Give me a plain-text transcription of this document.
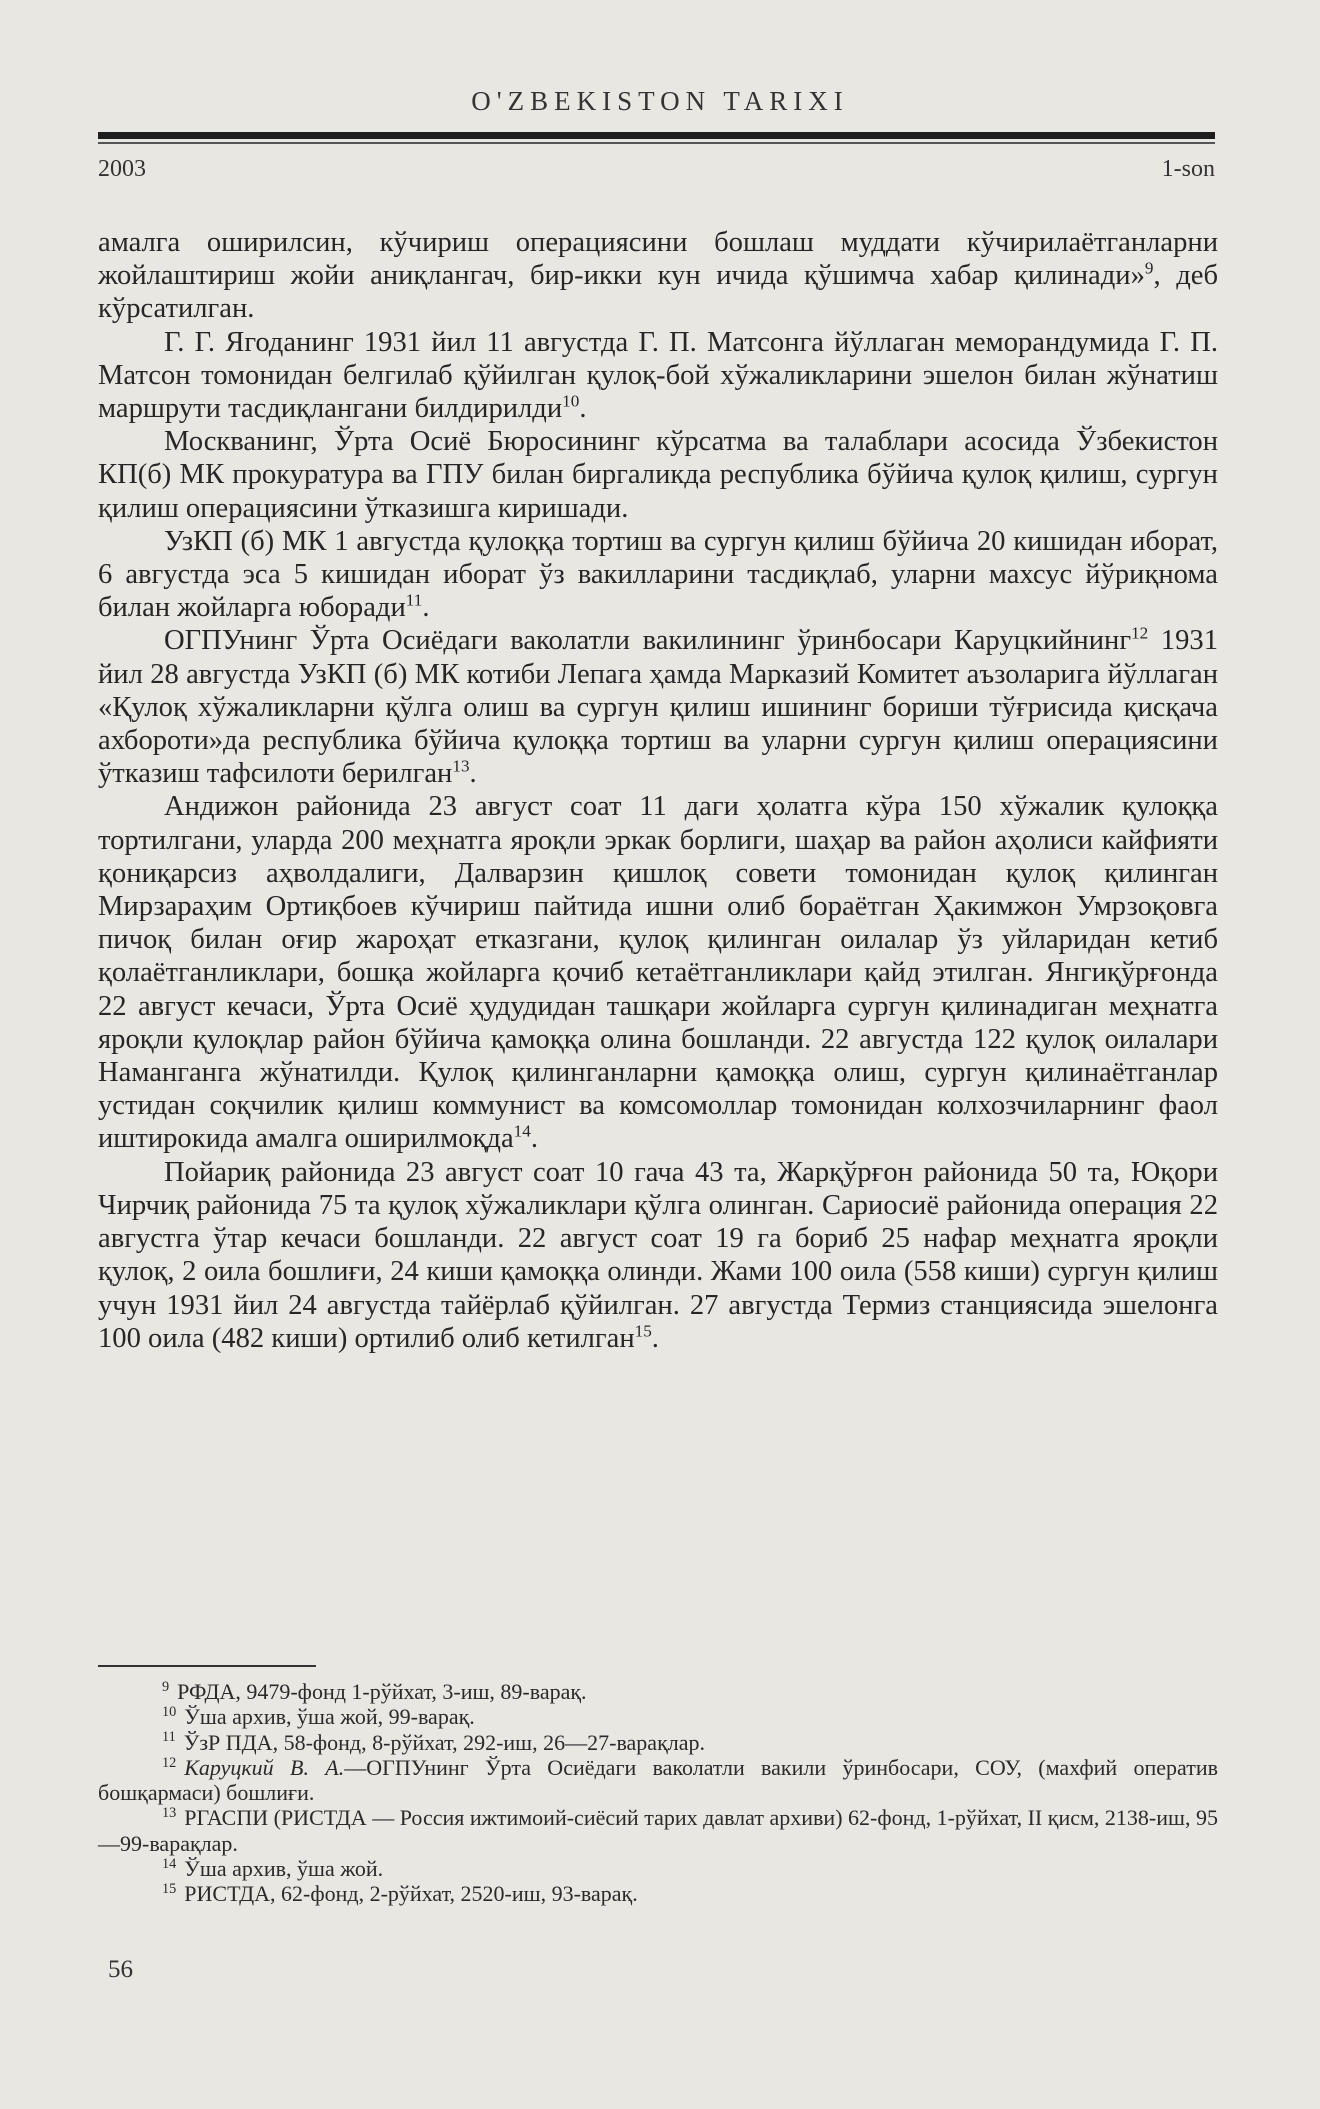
O'ZBEKISTON TARIXI
2003	1-son

амалга оширилсин, кўчириш операциясини бошлаш муддати кўчирилаётганларни жойлаштириш жойи аниқлангач, бир-икки кун ичида қўшимча хабар қилинади»$^9$, деб кўрсатилган.

Г. Г. Ягоданинг 1931 йил 11 августда Г. П. Матсонга йўллаган меморандумида Г. П. Матсон томонидан белгилаб қўйилган қулоқ-бой хўжаликларини эшелон билан жўнатиш маршрути тасдиқлангани билдирилди$^{10}$.

Москванинг, Ўрта Осиё Бюросининг кўрсатма ва талаблари асосида Ўзбекистон КП(б) МК прокуратура ва ГПУ билан биргаликда республика бўйича қулоқ қилиш, сургун қилиш операциясини ўтказишга киришади.

УзКП (б) МК 1 августда қулоққа тортиш ва сургун қилиш бўйича 20 кишидан иборат, 6 августда эса 5 кишидан иборат ўз вакилларини тасдиқлаб, уларни махсус йўриқнома билан жойларга юборади$^{11}$.

ОГПУнинг Ўрта Осиёдаги ваколатли вакилининг ўринбосари Каруцкийнинг$^{12}$ 1931 йил 28 августда УзКП (б) МК котиби Лепага ҳамда Марказий Комитет аъзоларига йўллаган «Қулоқ хўжаликларни қўлга олиш ва сургун қилиш ишининг бориши тўғрисида қисқача ахбороти»да республика бўйича қулоққа тортиш ва уларни сургун қилиш операциясини ўтказиш тафсилоти берилган$^{13}$.

Андижон районида 23 август соат 11 даги ҳолатга кўра 150 хўжалик қулоққа тортилгани, уларда 200 меҳнатга яроқли эркак борлиги, шаҳар ва район аҳолиси кайфияти қониқарсиз аҳволдалиги, Далварзин қишлоқ совети томонидан қулоқ қилинган Мирзараҳим Ортиқбоев кўчириш пайтида ишни олиб бораётган Ҳакимжон Умрзоқовга пичоқ билан оғир жароҳат етказгани, қулоқ қилинган оилалар ўз уйларидан кетиб қолаётганликлари, бошқа жойларга қочиб кетаётганликлари қайд этилган. Янгиқўрғонда 22 август кечаси, Ўрта Осиё ҳудудидан ташқари жойларга сургун қилинадиган меҳнатга яроқли қулоқлар район бўйича қамоққа олина бошланди. 22 августда 122 қулоқ оилалари Наманганга жўнатилди. Қулоқ қилинганларни қамоққа олиш, сургун қилинаётганлар устидан соқчилик қилиш коммунист ва комсомоллар томонидан колхозчиларнинг фаол иштирокида амалга оширилмоқда$^{14}$.

Пойариқ районида 23 август соат 10 гача 43 та, Жарқўрғон районида 50 та, Юқори Чирчиқ районида 75 та қулоқ хўжаликлари қўлга олинган. Сариосиё районида операция 22 августга ўтар кечаси бошланди. 22 август соат 19 га бориб 25 нафар меҳнатга яроқли қулоқ, 2 оила бошлиғи, 24 киши қамоққа олинди. Жами 100 оила (558 киши) сургун қилиш учун 1931 йил 24 августда тайёрлаб қўйилган. 27 августда Термиз станциясида эшелонга 100 оила (482 киши) ортилиб олиб кетилган$^{15}$.

$^9$ РФДА, 9479-фонд 1-рўйхат, 3-иш, 89-варақ.

$^{10}$ Ўша архив, ўша жой, 99-варақ.

$^{11}$ ЎзР ПДА, 58-фонд, 8-рўйхат, 292-иш, 26—27-варақлар.

$^{12}$ Каруцкий В. А.—ОГПУнинг Ўрта Осиёдаги ваколатли вакили ўринбосари, СОУ, (махфий оператив бошқармаси) бошлиғи.

$^{13}$ РГАСПИ (РИСТДА — Россия ижтимоий-сиёсий тарих давлат архиви) 62-фонд, 1-рўйхат, II қисм, 2138-иш, 95—99-варақлар.

$^{14}$ Ўша архив, ўша жой.

$^{15}$ РИСТДА, 62-фонд, 2-рўйхат, 2520-иш, 93-варақ.

56
